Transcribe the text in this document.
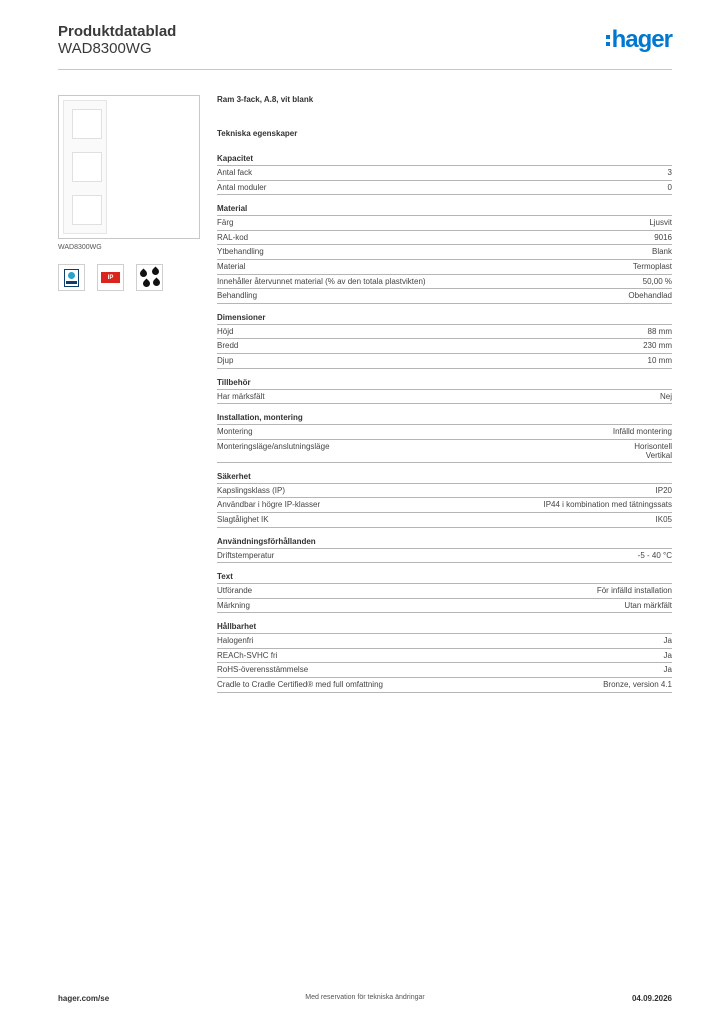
Produktdatablad
WAD8300WG	hager
WAD8300WG
IP
Ram 3-fack, A.8, vit blank
Tekniska egenskaper
Kapacitet
Antal fack	3
Antal moduler	0
Material
Färg	Ljusvit
RAL-kod	9016
Ytbehandling	Blank
Material	Termoplast
Innehåller återvunnet material (% av den totala plastvikten)	50,00 %
Behandling	Obehandlad
Dimensioner
Höjd	88 mm
Bredd	230 mm
Djup	10 mm
Tillbehör
Har märksfält	Nej
Installation, montering
Montering	Infälld montering
Monteringsläge/anslutningsläge	Horisontell
Vertikal
Säkerhet
Kapslingsklass (IP)	IP20
Användbar i högre IP-klasser	IP44 i kombination med tätningssats
Slagtålighet IK	IK05
Användningsförhållanden
Driftstemperatur	-5 - 40 °C
Text
Utförande	För infälld installation
Märkning	Utan märkfält
Hållbarhet
Halogenfri	Ja
REACh-SVHC fri	Ja
RoHS-överensstämmelse	Ja
Cradle to Cradle Certified® med full omfattning	Bronze, version 4.1
Med reservation för tekniska ändringar
hager.com/se	04.09.2026
